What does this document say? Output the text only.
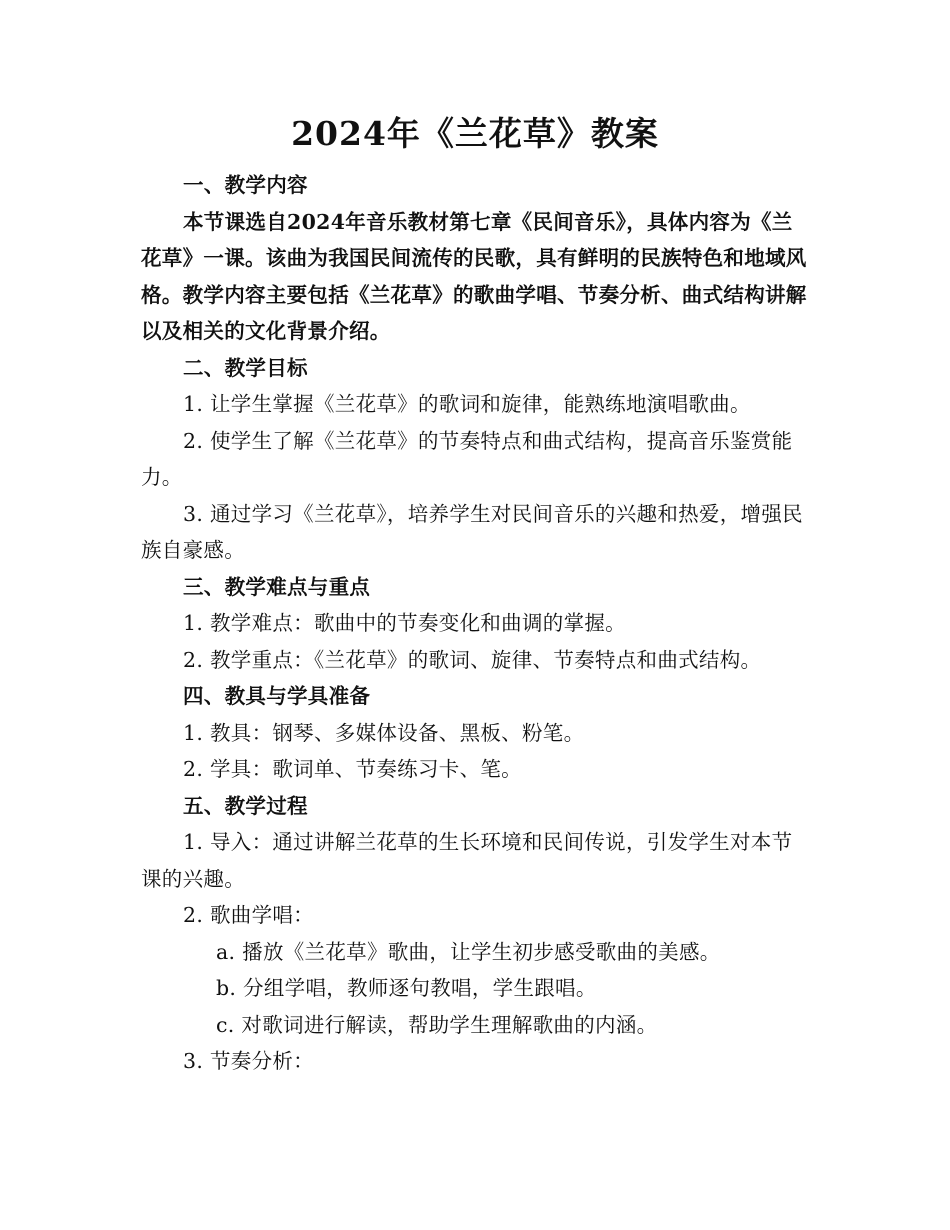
2024年《兰花草》教案

一、教学内容

本节课选自2024年音乐教材第七章《民间音乐》，具体内容为《兰花草》一课。该曲为我国民间流传的民歌，具有鲜明的民族特色和地域风格。教学内容主要包括《兰花草》的歌曲学唱、节奏分析、曲式结构讲解以及相关的文化背景介绍。

二、教学目标

1. 让学生掌握《兰花草》的歌词和旋律，能熟练地演唱歌曲。

2. 使学生了解《兰花草》的节奏特点和曲式结构，提高音乐鉴赏能力。

3. 通过学习《兰花草》，培养学生对民间音乐的兴趣和热爱，增强民族自豪感。

三、教学难点与重点

1. 教学难点：歌曲中的节奏变化和曲调的掌握。

2. 教学重点：《兰花草》的歌词、旋律、节奏特点和曲式结构。

四、教具与学具准备

1. 教具：钢琴、多媒体设备、黑板、粉笔。

2. 学具：歌词单、节奏练习卡、笔。

五、教学过程

1. 导入：通过讲解兰花草的生长环境和民间传说，引发学生对本节课的兴趣。

2. 歌曲学唱：

a. 播放《兰花草》歌曲，让学生初步感受歌曲的美感。

b. 分组学唱，教师逐句教唱，学生跟唱。

c. 对歌词进行解读，帮助学生理解歌曲的内涵。

3. 节奏分析：
